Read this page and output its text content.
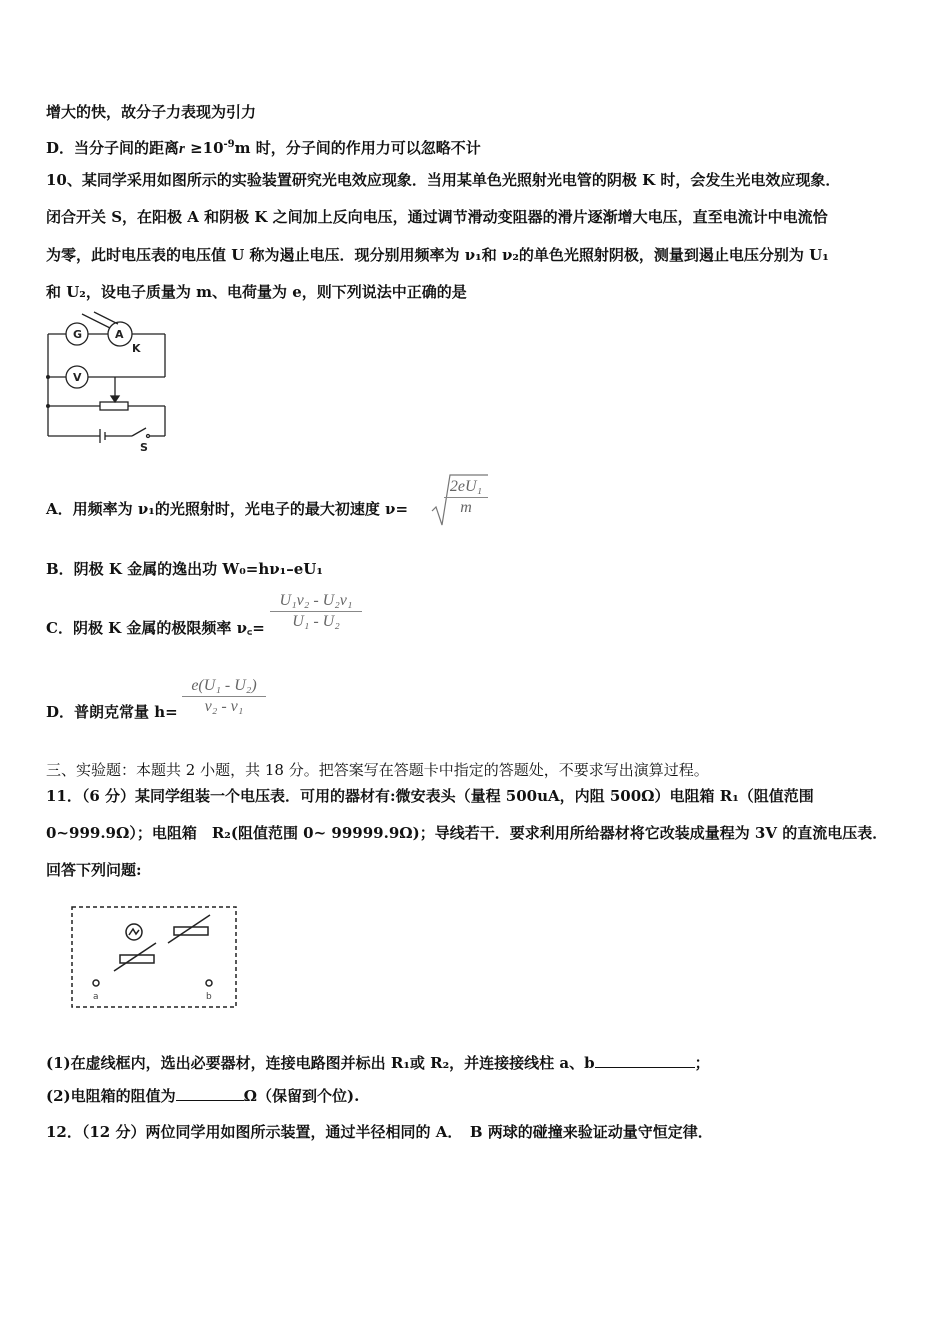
增大的快，故分子力表现为引力
D．当分子间的距离$r \ge 10^{-9}m$ 时，分子间的作用力可以忽略不计
10、某同学采用如图所示的实验装置研究光电效应现象．当用某单色光照射光电管的阴极 K 时，会发生光电效应现象．
闭合开关 S，在阳极 A 和阴极 K 之间加上反向电压，通过调节滑动变阻器的滑片逐渐增大电压，直至电流计中电流恰
为零，此时电压表的电压值 U 称为遏止电压．现分别用频率为 ν₁和 ν₂的单色光照射阴极，测量到遏止电压分别为 U₁
和 U₂，设电子质量为 m、电荷量为 e，则下列说法中正确的是
G	A
K
V
S
A．用频率为 ν₁的光照射时，光电子的最大初速度 ν=
2eU₁
m
B．阴极 K 金属的逸出功 W₀=hν₁–eU₁
C．阴极 K 金属的极限频率 ν꜀=
U₁ν₂ - U₂ν₁
U₁ - U₂
D．普朗克常量 h=
e(U₁ - U₂)
ν₂ - ν₁
三、实验题：本题共 2 小题，共 18 分。把答案写在答题卡中指定的答题处，不要求写出演算过程。
11．（6 分）某同学组装一个电压表．可用的器材有:微安表头（量程 500uA，内阻 500Ω）电阻箱 R₁（阻值范围
0~999.9Ω）；电阻箱　R₂(阻值范围 0~ 99999.9Ω)；导线若干．要求利用所给器材将它改装成量程为 3V 的直流电压表．
回答下列问题:
a	b
(1)在虚线框内，选出必要器材，连接电路图并标出 R₁或 R₂，并连接接线柱 a、b	；
(2)电阻箱的阻值为	Ω（保留到个位).
12．（12 分）两位同学用如图所示装置，通过半径相同的 A．　B 两球的碰撞来验证动量守恒定律．
